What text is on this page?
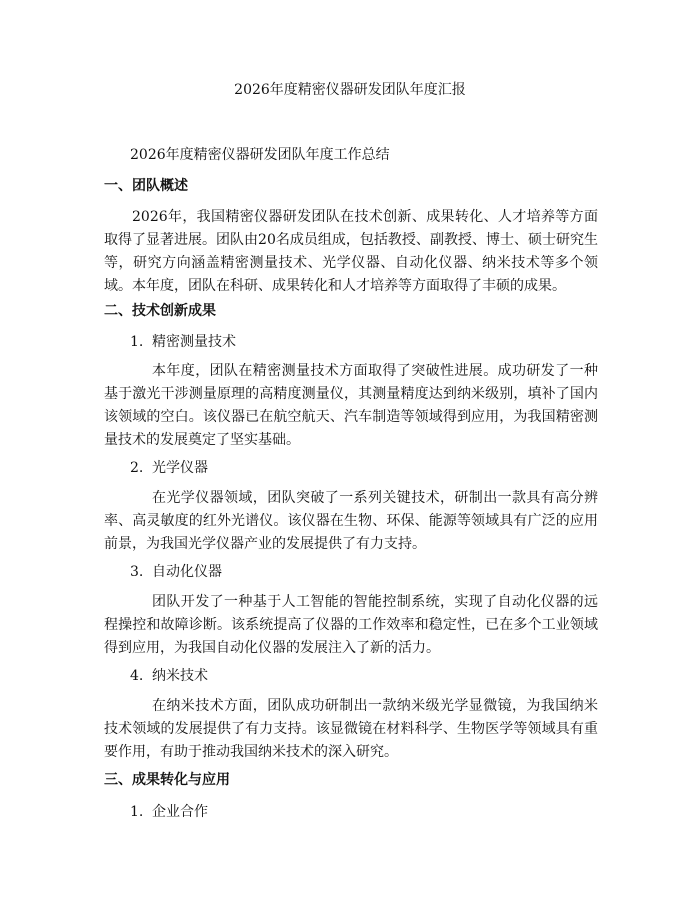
2026年度精密仪器研发团队年度汇报
2026年度精密仪器研发团队年度工作总结
一、团队概述
2026年，我国精密仪器研发团队在技术创新、成果转化、人才培养等方面取得了显著进展。团队由20名成员组成，包括教授、副教授、博士、硕士研究生等，研究方向涵盖精密测量技术、光学仪器、自动化仪器、纳米技术等多个领域。本年度，团队在科研、成果转化和人才培养等方面取得了丰硕的成果。
二、技术创新成果
1. 精密测量技术
本年度，团队在精密测量技术方面取得了突破性进展。成功研发了一种基于激光干涉测量原理的高精度测量仪，其测量精度达到纳米级别，填补了国内该领域的空白。该仪器已在航空航天、汽车制造等领域得到应用，为我国精密测量技术的发展奠定了坚实基础。
2. 光学仪器
在光学仪器领域，团队突破了一系列关键技术，研制出一款具有高分辨率、高灵敏度的红外光谱仪。该仪器在生物、环保、能源等领域具有广泛的应用前景，为我国光学仪器产业的发展提供了有力支持。
3. 自动化仪器
团队开发了一种基于人工智能的智能控制系统，实现了自动化仪器的远程操控和故障诊断。该系统提高了仪器的工作效率和稳定性，已在多个工业领域得到应用，为我国自动化仪器的发展注入了新的活力。
4. 纳米技术
在纳米技术方面，团队成功研制出一款纳米级光学显微镜，为我国纳米技术领域的发展提供了有力支持。该显微镜在材料科学、生物医学等领域具有重要作用，有助于推动我国纳米技术的深入研究。
三、成果转化与应用
1. 企业合作
